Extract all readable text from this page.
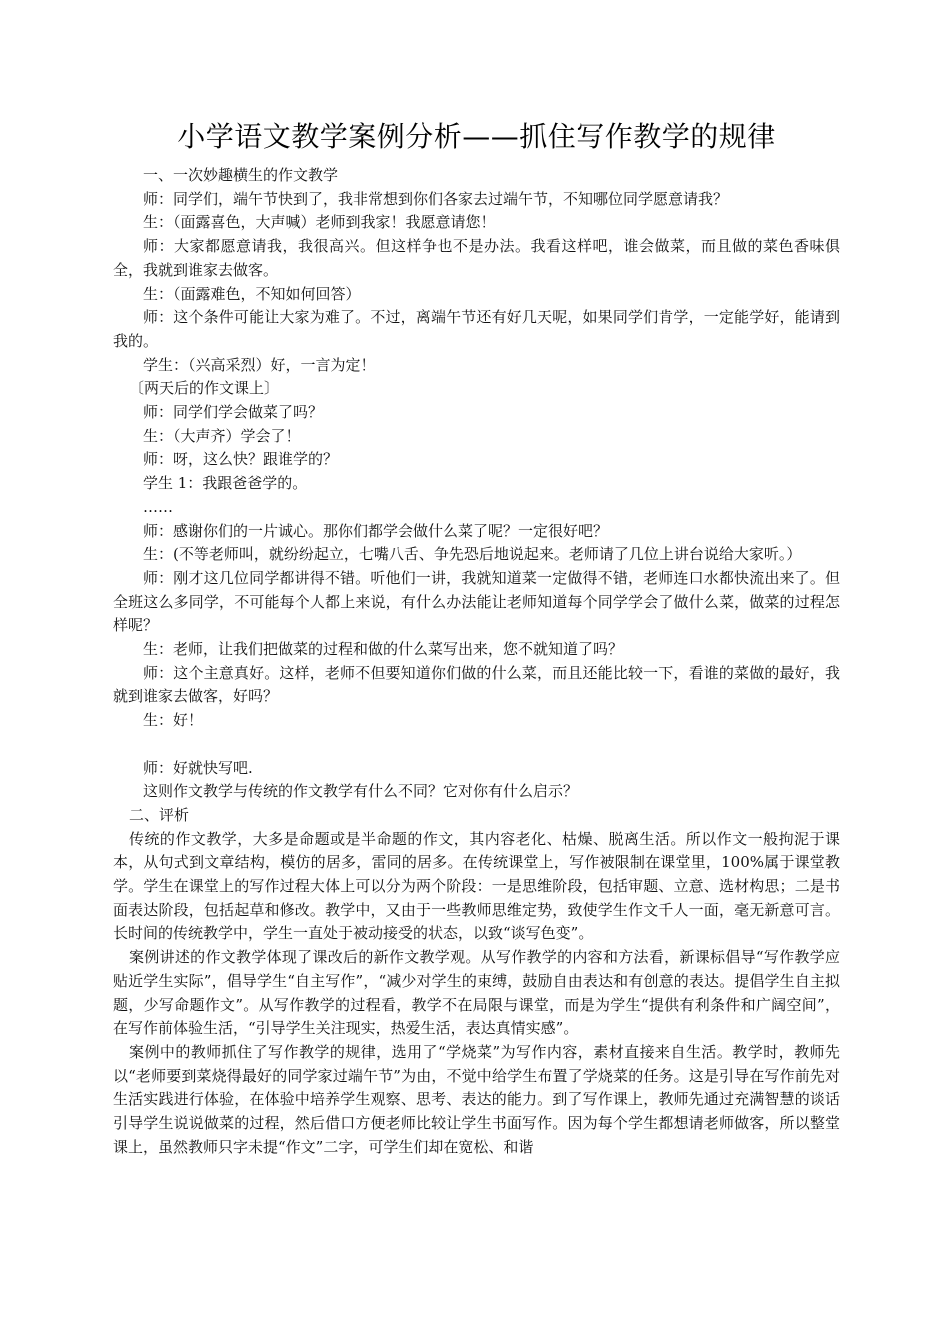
小学语文教学案例分析——抓住写作教学的规律

一、一次妙趣横生的作文教学

师：同学们，端午节快到了，我非常想到你们各家去过端午节，不知哪位同学愿意请我？

生：（面露喜色，大声喊）老师到我家！我愿意请您！

师：大家都愿意请我，我很高兴。但这样争也不是办法。我看这样吧，谁会做菜，而且做的菜色香味俱全，我就到谁家去做客。

生：（面露难色，不知如何回答）

师：这个条件可能让大家为难了。不过，离端午节还有好几天呢，如果同学们肯学，一定能学好，能请到我的。

学生：（兴高采烈）好，一言为定！

〔两天后的作文课上〕

师：同学们学会做菜了吗？

生：（大声齐）学会了！

师：呀，这么快？跟谁学的？

学生 1：我跟爸爸学的。

……

师：感谢你们的一片诚心。那你们都学会做什么菜了呢？一定很好吧？

生：(不等老师叫，就纷纷起立，七嘴八舌、争先恐后地说起来。老师请了几位上讲台说给大家听。）

师：刚才这几位同学都讲得不错。听他们一讲，我就知道菜一定做得不错，老师连口水都快流出来了。但全班这么多同学，不可能每个人都上来说，有什么办法能让老师知道每个同学学会了做什么菜，做菜的过程怎样呢？

生：老师，让我们把做菜的过程和做的什么菜写出来，您不就知道了吗？

师：这个主意真好。这样，老师不但要知道你们做的什么菜，而且还能比较一下，看谁的菜做的最好，我就到谁家去做客，好吗？

生：好！

师：好就快写吧.

这则作文教学与传统的作文教学有什么不同？它对你有什么启示？

二、评析

传统的作文教学，大多是命题或是半命题的作文，其内容老化、枯燥、脱离生活。所以作文一般拘泥于课本，从句式到文章结构，模仿的居多，雷同的居多。在传统课堂上，写作被限制在课堂里，100%属于课堂教学。学生在课堂上的写作过程大体上可以分为两个阶段：一是思维阶段，包括审题、立意、选材构思；二是书面表达阶段，包括起草和修改。教学中，又由于一些教师思维定势，致使学生作文千人一面，毫无新意可言。长时间的传统教学中，学生一直处于被动接受的状态，以致“谈写色变”。

案例讲述的作文教学体现了课改后的新作文教学观。从写作教学的内容和方法看，新课标倡导“写作教学应贴近学生实际”，倡导学生“自主写作”，“减少对学生的束缚，鼓励自由表达和有创意的表达。提倡学生自主拟题，少写命题作文”。从写作教学的过程看，教学不在局限与课堂，而是为学生“提供有利条件和广阔空间”，在写作前体验生活，“引导学生关注现实，热爱生活，表达真情实感”。

案例中的教师抓住了写作教学的规律，选用了“学烧菜”为写作内容，素材直接来自生活。教学时，教师先以“老师要到菜烧得最好的同学家过端午节”为由，不觉中给学生布置了学烧菜的任务。这是引导在写作前先对生活实践进行体验，在体验中培养学生观察、思考、表达的能力。到了写作课上，教师先通过充满智慧的谈话引导学生说说做菜的过程，然后借口方便老师比较让学生书面写作。因为每个学生都想请老师做客，所以整堂课上，虽然教师只字未提“作文”二字，可学生们却在宽松、和谐
